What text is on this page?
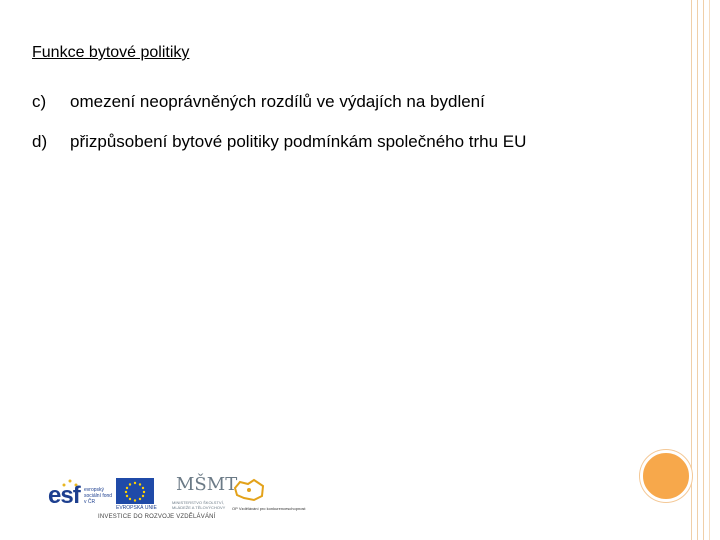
Funkce bytové politiky
c) omezení neoprávněných rozdílů ve výdajích na bydlení
d) přizpůsobení bytové politiky podmínkám společného trhu EU
esf evropský sociální fond v ČR
EVROPSKÁ UNIE
MŠMT
MINISTERSTVO ŠKOLSTVÍ, MLÁDEŽE A TĚLOVÝCHOVY	OP Vzdělávání pro konkurenceschopnost
INVESTICE DO ROZVOJE VZDĚLÁVÁNÍ
